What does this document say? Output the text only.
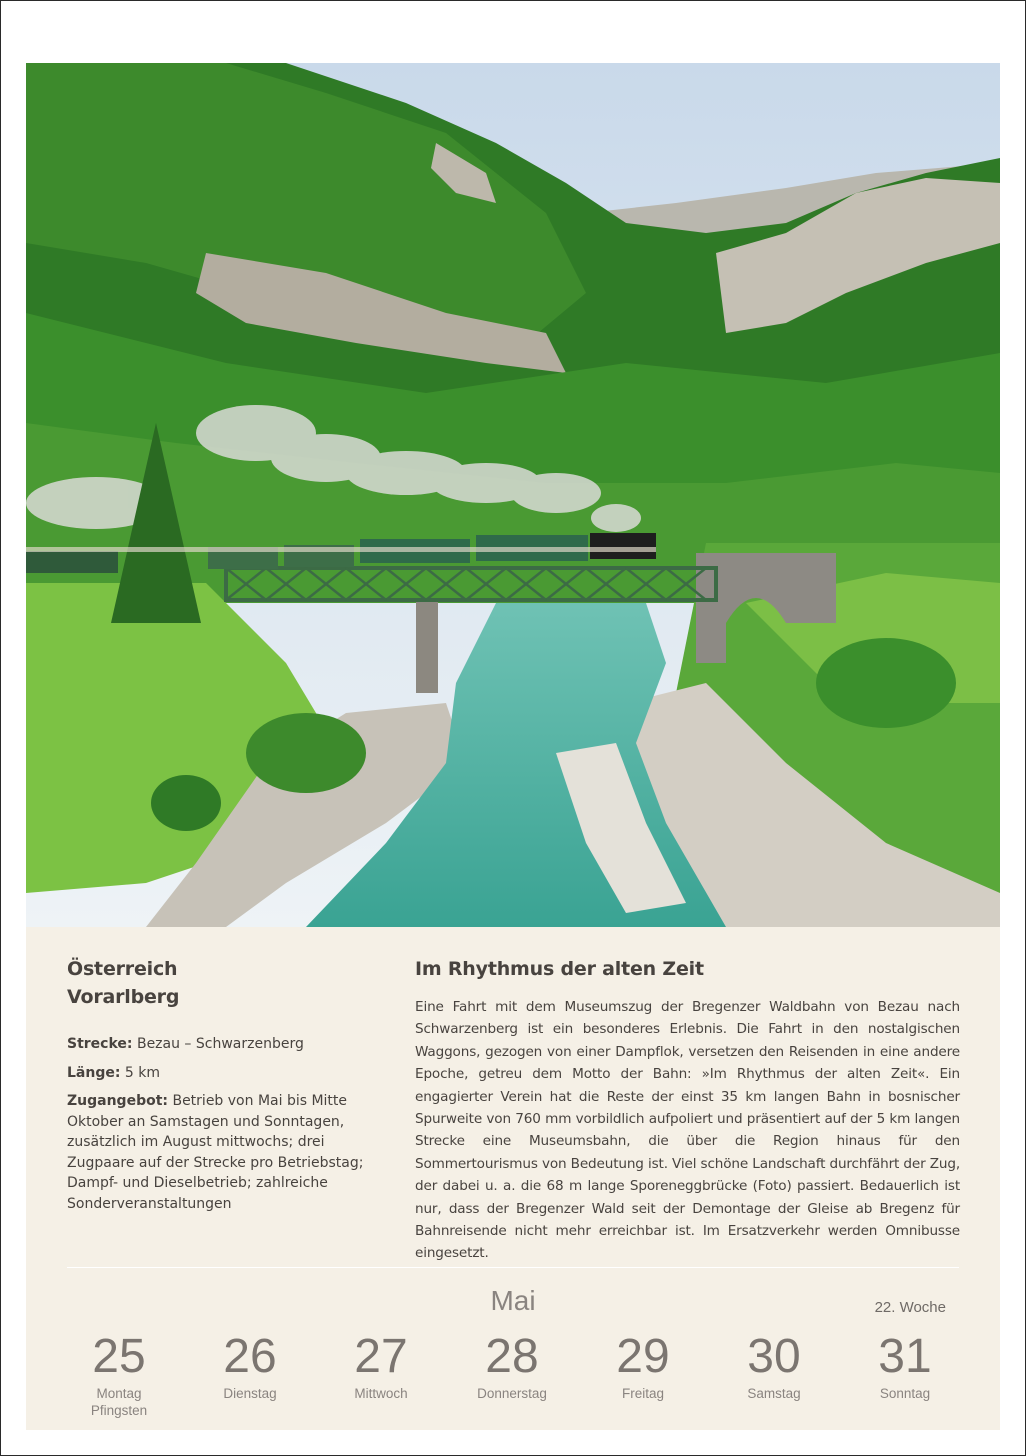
Österreich
Vorarlberg

Strecke: Bezau – Schwarzenberg

Länge: 5 km

Zugangebot: Betrieb von Mai bis Mitte Oktober an Samstagen und Sonntagen, zusätzlich im August mittwochs; drei Zugpaare auf der Strecke pro Betriebstag; Dampf- und Dieselbetrieb; zahlreiche Sonderveranstaltungen

Im Rhythmus der alten Zeit
Eine Fahrt mit dem Museumszug der Bregenzer Waldbahn von Bezau nach Schwarzenberg ist ein besonderes Erlebnis. Die Fahrt in den nostalgischen Waggons, gezogen von einer Dampflok, versetzen den Reisenden in eine andere Epoche, getreu dem Motto der Bahn: »Im Rhythmus der alten Zeit«. Ein engagierter Verein hat die Reste der einst 35 km langen Bahn in bosnischer Spurweite von 760 mm vorbildlich aufpoliert und präsentiert auf der 5 km langen Strecke eine Museumsbahn, die über die Region hinaus für den Sommertourismus von Bedeutung ist. Viel schöne Landschaft durchfährt der Zug, der dabei u. a. die 68 m lange Sporeneggbrücke (Foto) passiert. Bedauerlich ist nur, dass der Bregenzer Wald seit der Demontage der Gleise ab Bregenz für Bahnreisende nicht mehr erreichbar ist. Im Ersatzverkehr werden Omnibusse eingesetzt.
Mai	22. Woche
25
Montag
Pfingsten
26
Dienstag
27
Mittwoch
28
Donnerstag
29
Freitag
30
Samstag
31
Sonntag
